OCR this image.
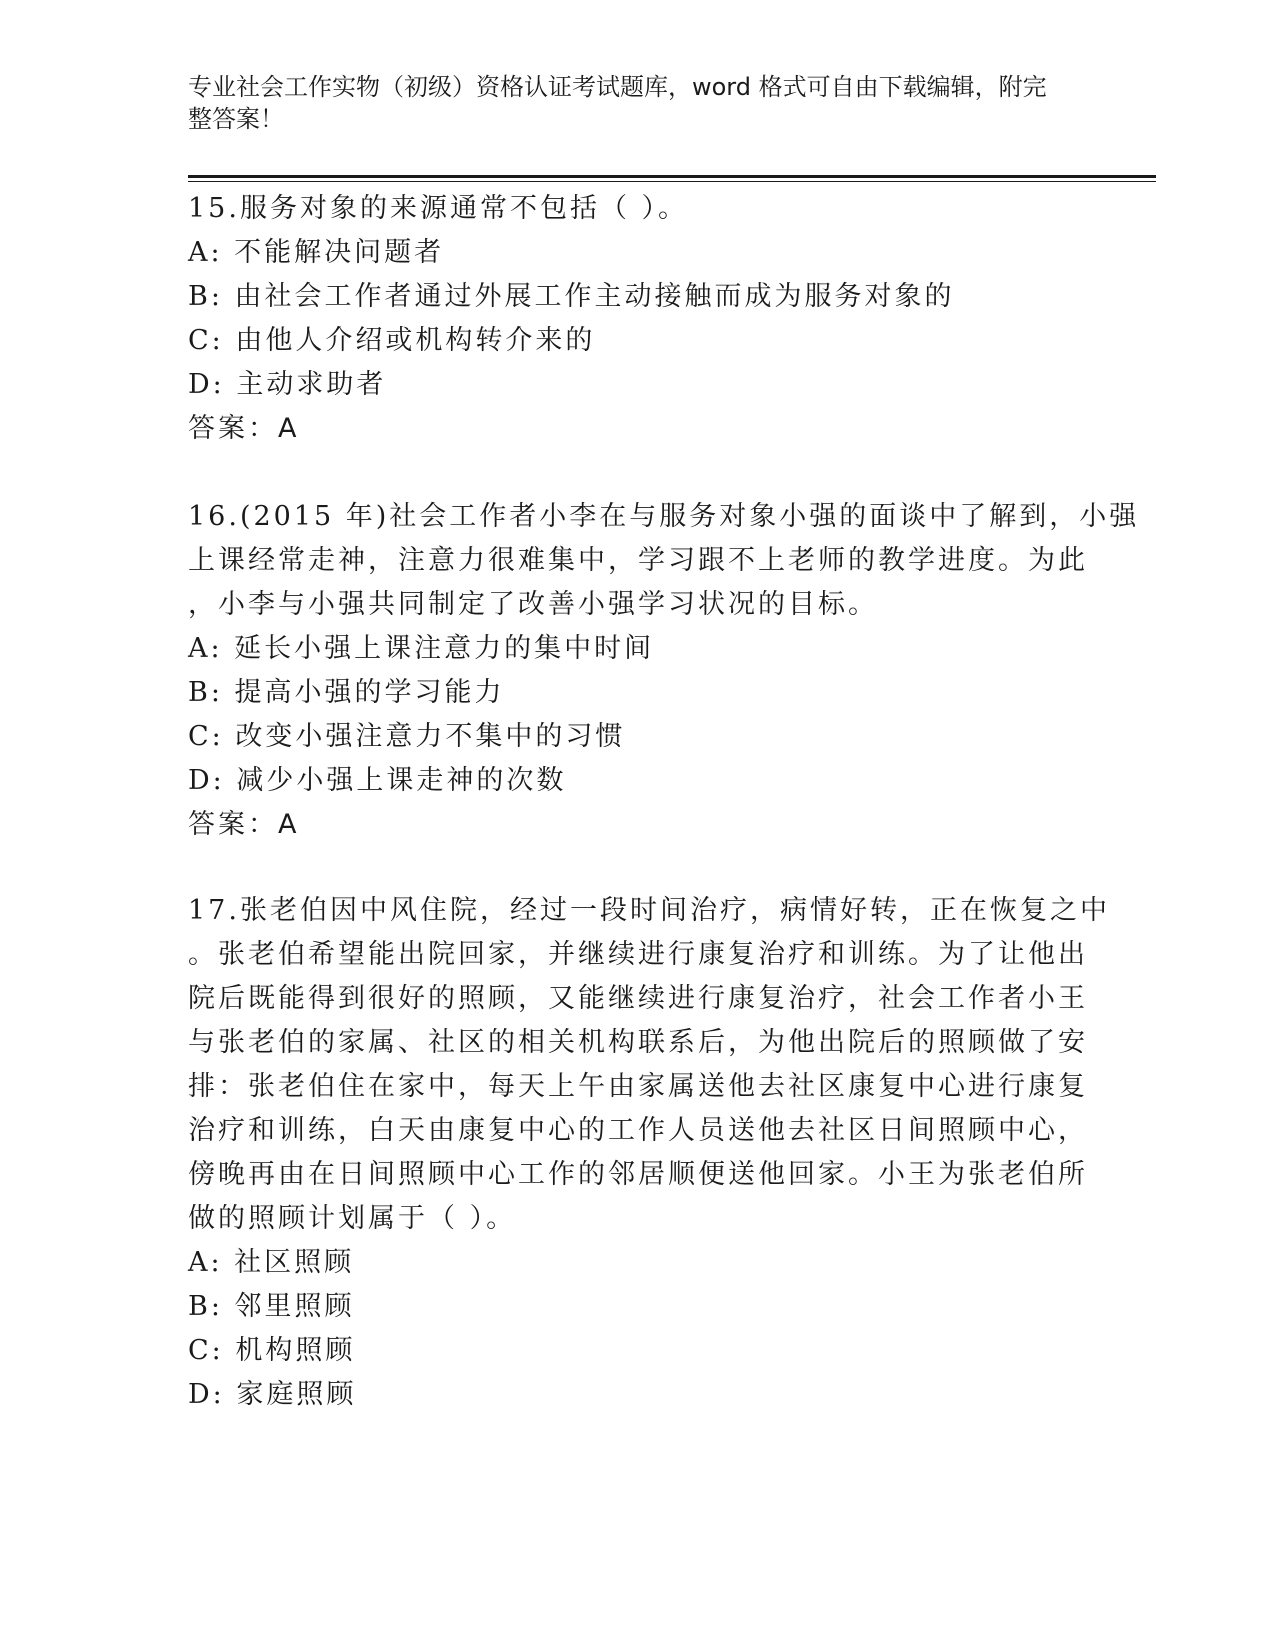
专业社会工作实物（初级）资格认证考试题库，word 格式可自由下载编辑，附完
整答案！
15.服务对象的来源通常不包括（ ）。
A: 不能解决问题者
B: 由社会工作者通过外展工作主动接触而成为服务对象的
C: 由他人介绍或机构转介来的
D: 主动求助者
答案：A
16.(2015 年)社会工作者小李在与服务对象小强的面谈中了解到，小强
上课经常走神，注意力很难集中，学习跟不上老师的教学进度。为此
，小李与小强共同制定了改善小强学习状况的目标。
A: 延长小强上课注意力的集中时间
B: 提高小强的学习能力
C: 改变小强注意力不集中的习惯
D: 减少小强上课走神的次数
答案：A
17.张老伯因中风住院，经过一段时间治疗，病情好转，正在恢复之中
。张老伯希望能出院回家，并继续进行康复治疗和训练。为了让他出
院后既能得到很好的照顾，又能继续进行康复治疗，社会工作者小王
与张老伯的家属、社区的相关机构联系后，为他出院后的照顾做了安
排：张老伯住在家中，每天上午由家属送他去社区康复中心进行康复
治疗和训练，白天由康复中心的工作人员送他去社区日间照顾中心，
傍晚再由在日间照顾中心工作的邻居顺便送他回家。小王为张老伯所
做的照顾计划属于（ ）。
A: 社区照顾
B: 邻里照顾
C: 机构照顾
D: 家庭照顾
